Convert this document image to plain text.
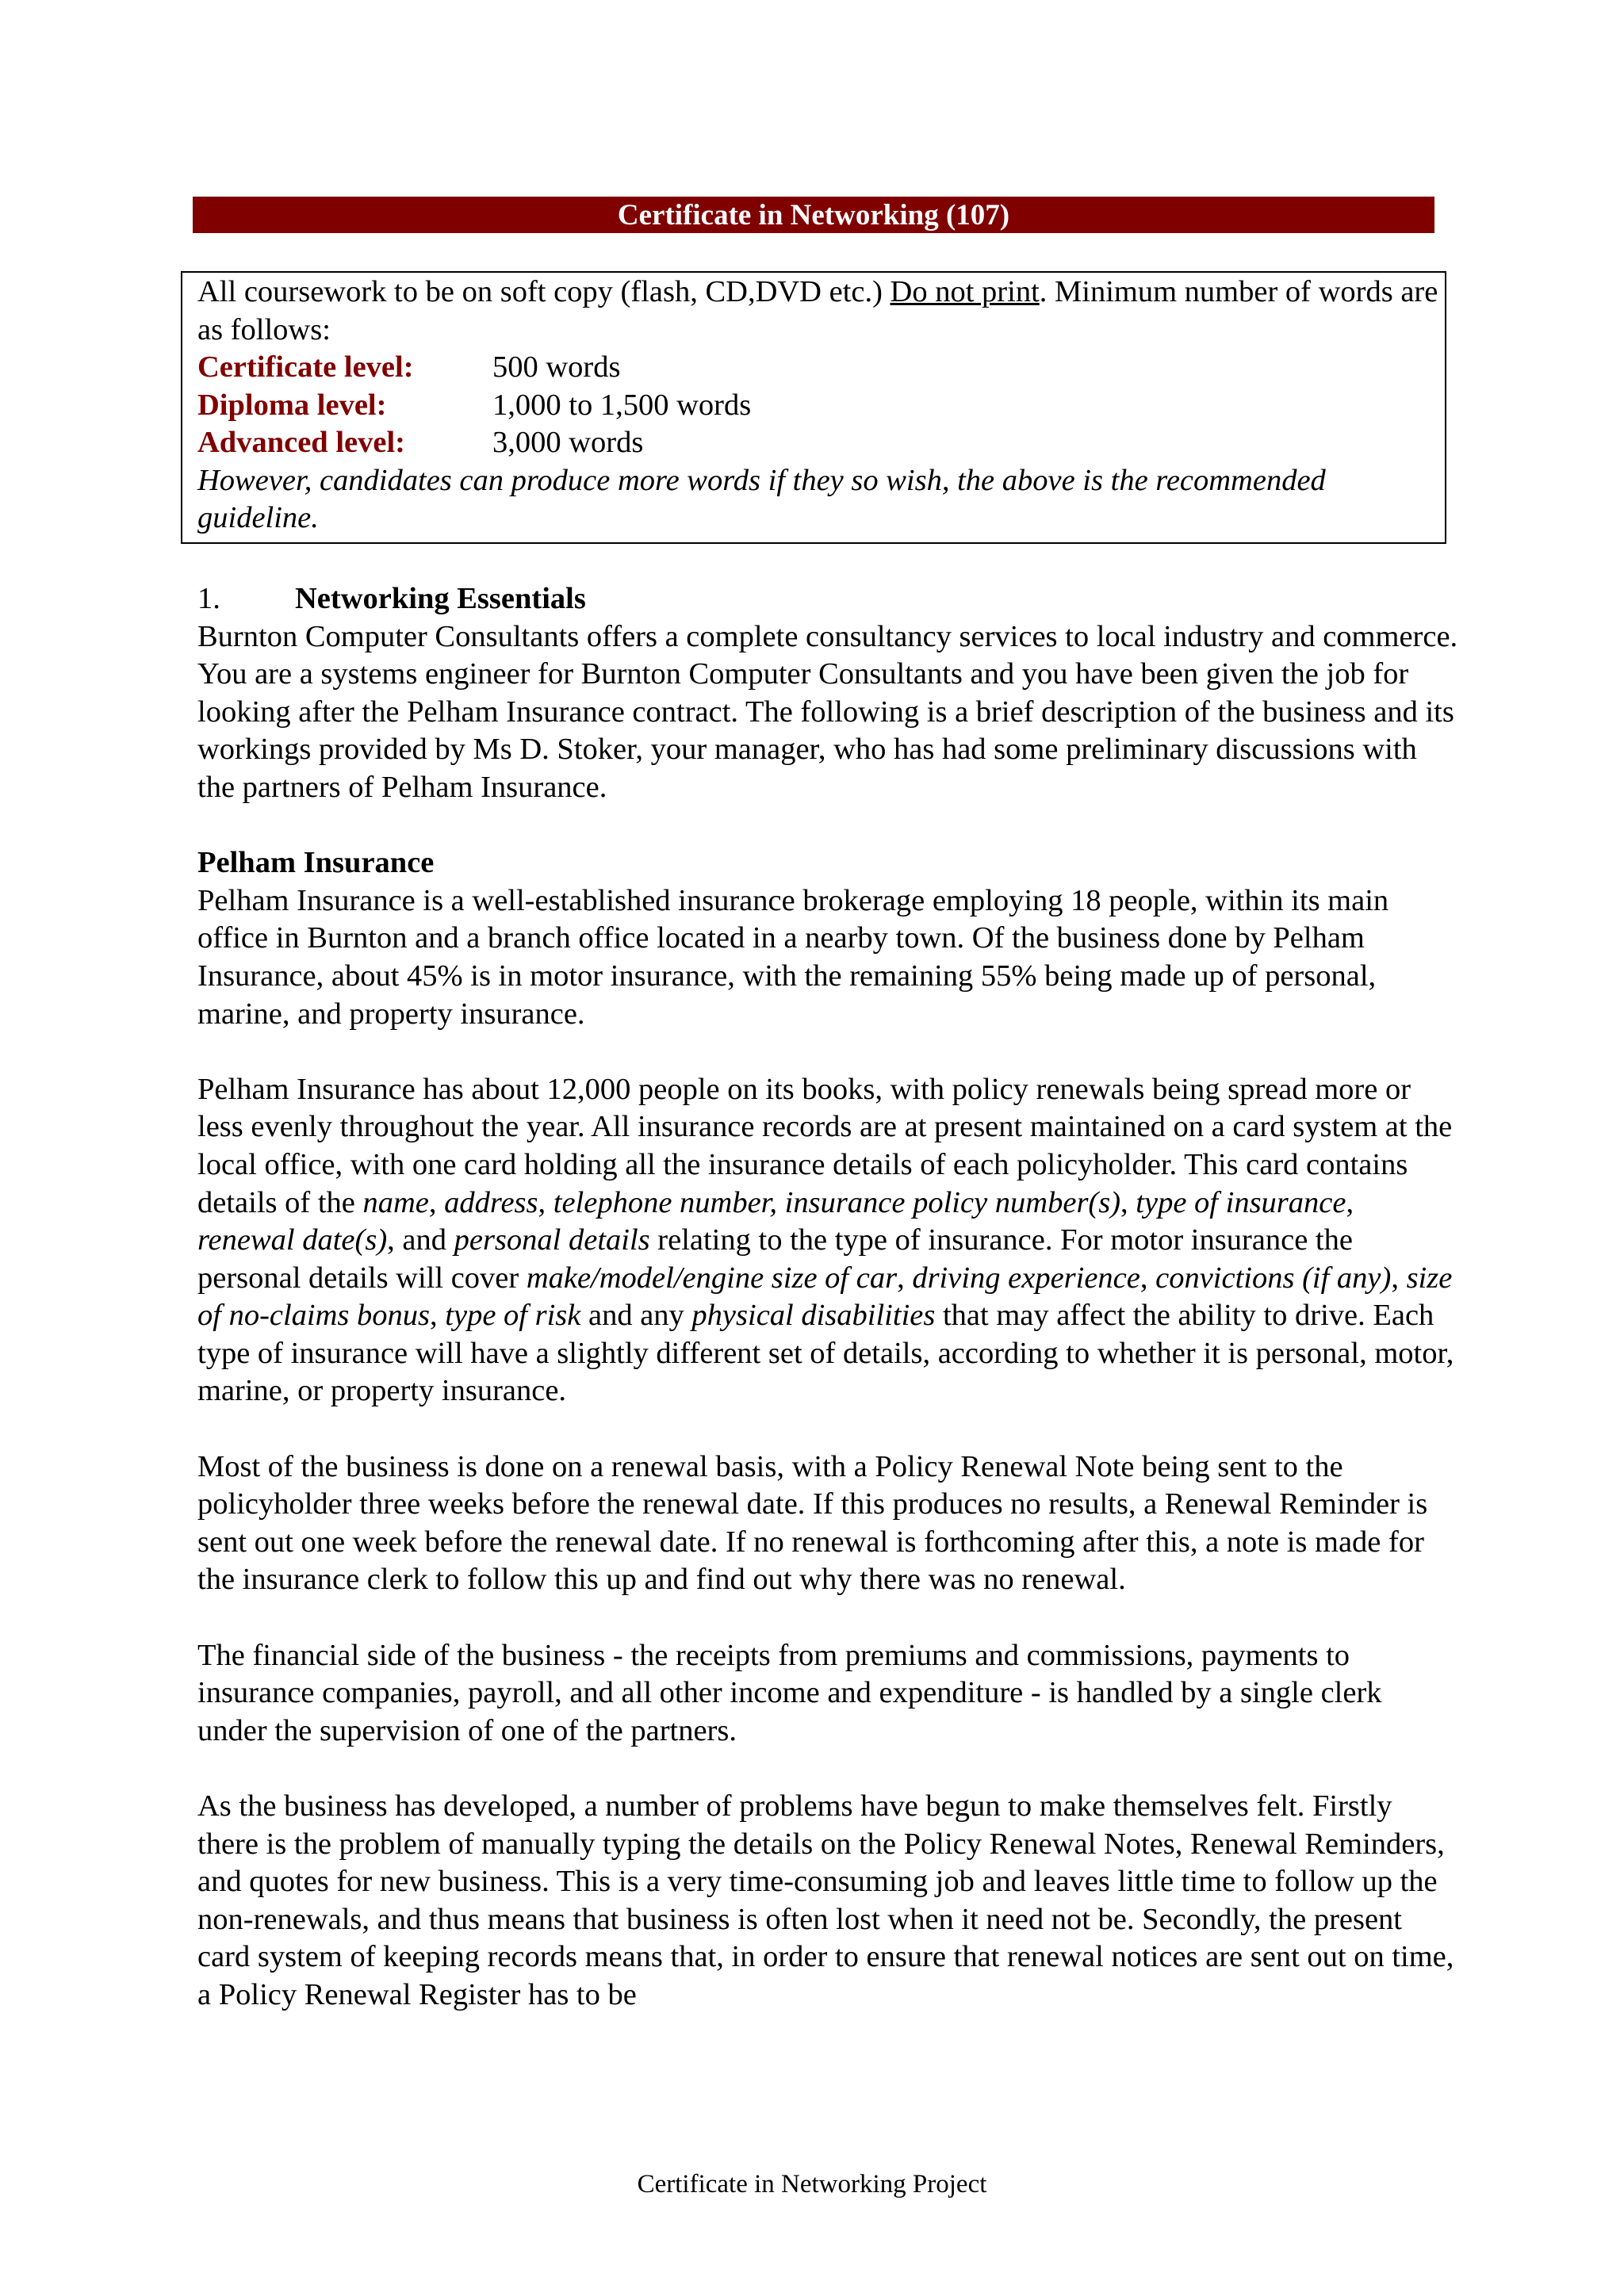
Certificate in Networking (107)
All coursework to be on soft copy (flash, CD,DVD etc.) Do not print. Minimum number of words are as follows:
Certificate level:	500 words
Diploma level:	1,000 to 1,500 words
Advanced level:	3,000 words
However, candidates can produce more words if they so wish, the above is the recommended guideline.
1.	Networking Essentials

Burnton Computer Consultants offers a complete consultancy services to local industry and commerce. You are a systems engineer for Burnton Computer Consultants and you have been given the job for looking after the Pelham Insurance contract. The following is a brief description of the business and its workings provided by Ms D. Stoker, your manager, who has had some preliminary discussions with the partners of Pelham Insurance.

Pelham Insurance

Pelham Insurance is a well-established insurance brokerage employing 18 people, within its main office in Burnton and a branch office located in a nearby town. Of the business done by Pelham Insurance, about 45% is in motor insurance, with the remaining 55% being made up of personal, marine, and property insurance.

Pelham Insurance has about 12,000 people on its books, with policy renewals being spread more or less evenly throughout the year. All insurance records are at present maintained on a card system at the local office, with one card holding all the insurance details of each policyholder. This card contains details of the name, address, telephone number, insurance policy number(s), type of insurance, renewal date(s), and personal details relating to the type of insurance. For motor insurance the personal details will cover make/model/engine size of car, driving experience, convictions (if any), size of no-claims bonus, type of risk and any physical disabilities that may affect the ability to drive. Each type of insurance will have a slightly different set of details, according to whether it is personal, motor, marine, or property insurance.

Most of the business is done on a renewal basis, with a Policy Renewal Note being sent to the policyholder three weeks before the renewal date. If this produces no results, a Renewal Reminder is sent out one week before the renewal date. If no renewal is forthcoming after this, a note is made for the insurance clerk to follow this up and find out why there was no renewal.

The financial side of the business - the receipts from premiums and commissions, payments to insurance companies, payroll, and all other income and expenditure - is handled by a single clerk under the supervision of one of the partners.

As the business has developed, a number of problems have begun to make themselves felt. Firstly there is the problem of manually typing the details on the Policy Renewal Notes, Renewal Reminders, and quotes for new business. This is a very time-consuming job and leaves little time to follow up the non-renewals, and thus means that business is often lost when it need not be. Secondly, the present card system of keeping records means that, in order to ensure that renewal notices are sent out on time, a Policy Renewal Register has to be

Certificate in Networking Project
